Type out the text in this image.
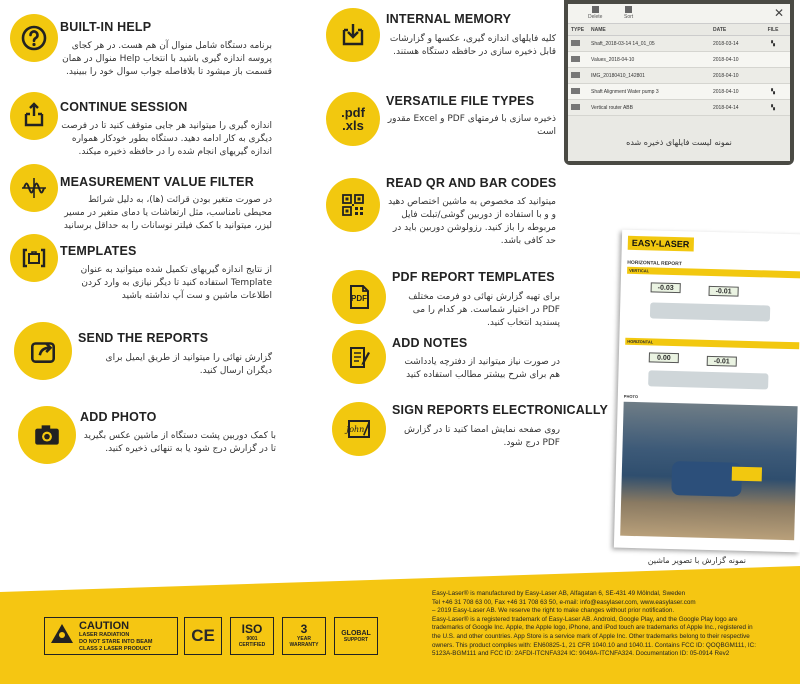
BUILT-IN HELP
برنامه دستگاه شامل منوال آن هم هست. در هر کجای پروسه اندازه گیری باشید با انتخاب Help منوال در همان قسمت باز میشود تا بلافاصله جواب سوال خود را ببینید.
CONTINUE SESSION
اندازه گیری را میتوانید هر جایی متوقف کنید تا در فرصت دیگری به کار ادامه دهید. دستگاه بطور خودکار همواره اندازه گیریهای انجام شده را در حافظه ذخیره میکند.
MEASUREMENT VALUE FILTER
در صورت متغیر بودن قرائت (ها)، به دلیل شرائط محیطی نامناسب، مثل ارتعاشات یا دمای متغیر در مسیر لیزر، میتوانید با کمک فیلتر نوسانات را به حداقل برسانید
TEMPLATES
از نتایج اندازه گیریهای تکمیل شده میتوانید به عنوان Template استفاده کنید تا دیگر نیازی به وارد کردن اطلاعات ماشین و ست آپ نداشته باشید
SEND THE REPORTS
گزارش نهائی را میتوانید از طریق ایمیل برای دیگران ارسال کنید.
ADD PHOTO
با کمک دوربین پشت دستگاه از ماشین عکس بگیرید تا در گزارش درج شود یا به تنهائی ذخیره کنید.
INTERNAL MEMORY
کلیه فایلهای اندازه گیری، عکسها و گزارشات قابل ذخیره سازی در حافظه دستگاه هستند.
.pdf
.xls
VERSATILE FILE TYPES
ذخیره سازی با فرمتهای PDF و Excel مقدور است
READ QR AND BAR CODES
میتوانید کد مخصوص به ماشین اختصاص دهید و و با استفاده از دوربین گوشی/تبلت فایل مربوطه را باز کنید. رزولوشن دوربین باید در حد کافی باشد.
PDF
PDF REPORT TEMPLATES
برای تهیه گزارش نهائی دو فرمت مختلف PDF در اختیار شماست. هر کدام را می پسندید انتخاب کنید.
ADD NOTES
در صورت نیاز میتوانید از دفترچه یادداشت هم برای شرح بیشتر مطالب استفاده کنید
John
SIGN REPORTS ELECTRONICALLY
روی صفحه نمایش امضا کنید تا در گزارش PDF درج شود.
Delete	Sort	✕
TYPE	NAME	DATE	FILE
Shaft_2018-03-14 14_01_05	2018-03-14	▚
Values_2018-04-10	2018-04-10
IMG_20180410_142801	2018-04-10
Shaft Alignment Water pump 3	2018-04-10	▚
Vertical router ABB	2018-04-14	▚
نمونه لیست فایلهای ذخیره شده
EASY-LASER
HORIZONTAL REPORT
VERTICAL
-0.03	-0.01
HORIZONTAL
0.00	-0.01
PHOTO
نمونه گزارش با تصویر ماشین
Easy-Laser® is manufactured by Easy-Laser AB, Alfagatan 6, SE-431 49 Mölndal, Sweden
Tel +46 31 708 63 00, Fax +46 31 708 63 50, e-mail: info@easylaser.com, www.easylaser.com
– 2019 Easy-Laser AB. We reserve the right to make changes without prior notification.
Easy-Laser® is a registered trademark of Easy-Laser AB. Android, Google Play, and the Google Play logo are
trademarks of Google Inc. Apple, the Apple logo, iPhone, and iPod touch are trademarks of Apple Inc., registered in
the U.S. and other countries. App Store is a service mark of Apple Inc. Other trademarks belong to their respective
owners. This product complies with: EN60825-1, 21 CFR 1040.10 and 1040.11. Contains FCC ID: QOQBGM111, IC:
5123A-BGM111 and FCC ID: 2AFDI-ITCNFA324 IC: 9049A-ITCNFA324. Documentation ID: 05-0914 Rev2
CAUTION
LASER RADIATION
DO NOT STARE INTO BEAM
CLASS 2 LASER PRODUCT
CE	ISO
9001
CERTIFIED
3
YEAR
WARRANTY
GLOBAL
SUPPORT
